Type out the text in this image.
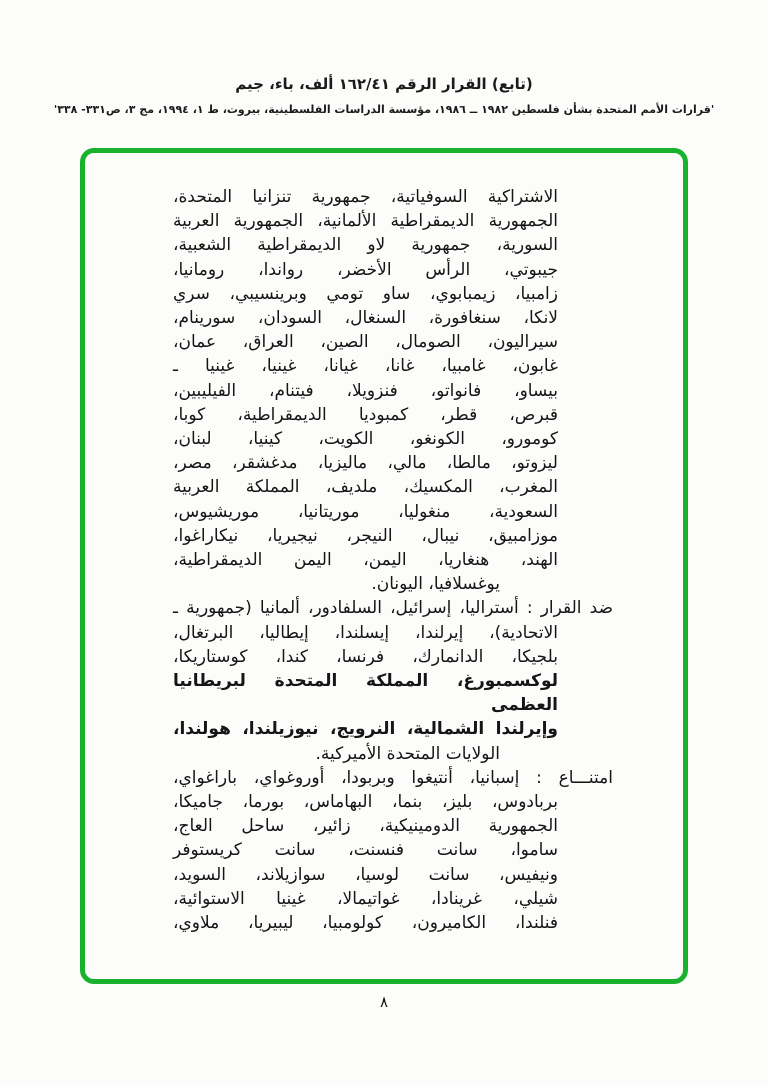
(تابع) القرار الرقم ١٦٢/٤١ ألف، باء، جيم
'قرارات الأمم المتحدة بشأن فلسطين ١٩٨٢ ــ ١٩٨٦، مؤسسة الدراسات الفلسطينية، بيروت، ط ١، ١٩٩٤، مج ٣، ص٣٣١- ٣٣٨'
الاشتراكية السوفياتية، جمهورية تنزانيا المتحدة،
الجمهورية الديمقراطية الألمانية، الجمهورية العربية
السورية، جمهورية لاو الديمقراطية الشعبية،
جيبوتي، الرأس الأخضر، رواندا، رومانيا،
زامبيا، زيمبابوي، ساو تومي وبرينسيبي، سري
لانكا، سنغافورة، السنغال، السودان، سورينام،
سيراليون، الصومال، الصين، العراق، عمان،
غابون، غامبيا، غانا، غيانا، غينيا، غينيا ـ
بيساو، فانواتو، فنزويلا، فيتنام، الفيليبين،
قبرص، قطر، كمبوديا الديمقراطية، كوبا،
كومورو، الكونغو، الكويت، كينيا، لبنان،
ليزوتو، مالطا، مالي، ماليزيا، مدغشقر، مصر،
المغرب، المكسيك، ملديف، المملكة العربية
السعودية، منغوليا، موريتانيا، موريشيوس،
موزامبيق، نيبال، النيجر، نيجيريا، نيكاراغوا،
الهند، هنغاريا، اليمن، اليمن الديمقراطية،
يوغسلافيا، اليونان.
ضد القرار : أستراليا، إسرائيل، السلفادور، ألمانيا (جمهورية ـ
الاتحادية)، إيرلندا، إيسلندا، إيطاليا، البرتغال،
بلجيكا، الدانمارك، فرنسا، كندا، كوستاريكا،
لوكسمبورغ، المملكة المتحدة لبريطانيا العظمى
وإيرلندا الشمالية، النرويج، نيوزيلندا، هولندا،
الولايات المتحدة الأميركية.
امتنـــاع : إسبانيا، أنتيغوا وبربودا، أوروغواي، باراغواي،
بربادوس، بليز، بنما، البهاماس، بورما، جاميكا،
الجمهورية الدومينيكية، زائير، ساحل العاج،
ساموا، سانت فنسنت، سانت كريستوفر
ونيفيس، سانت لوسيا، سوازيلاند، السويد،
شيلي، غرينادا، غواتيمالا، غينيا الاستوائية،
فنلندا، الكاميرون، كولومبيا، ليبيريا، ملاوي،
٨
